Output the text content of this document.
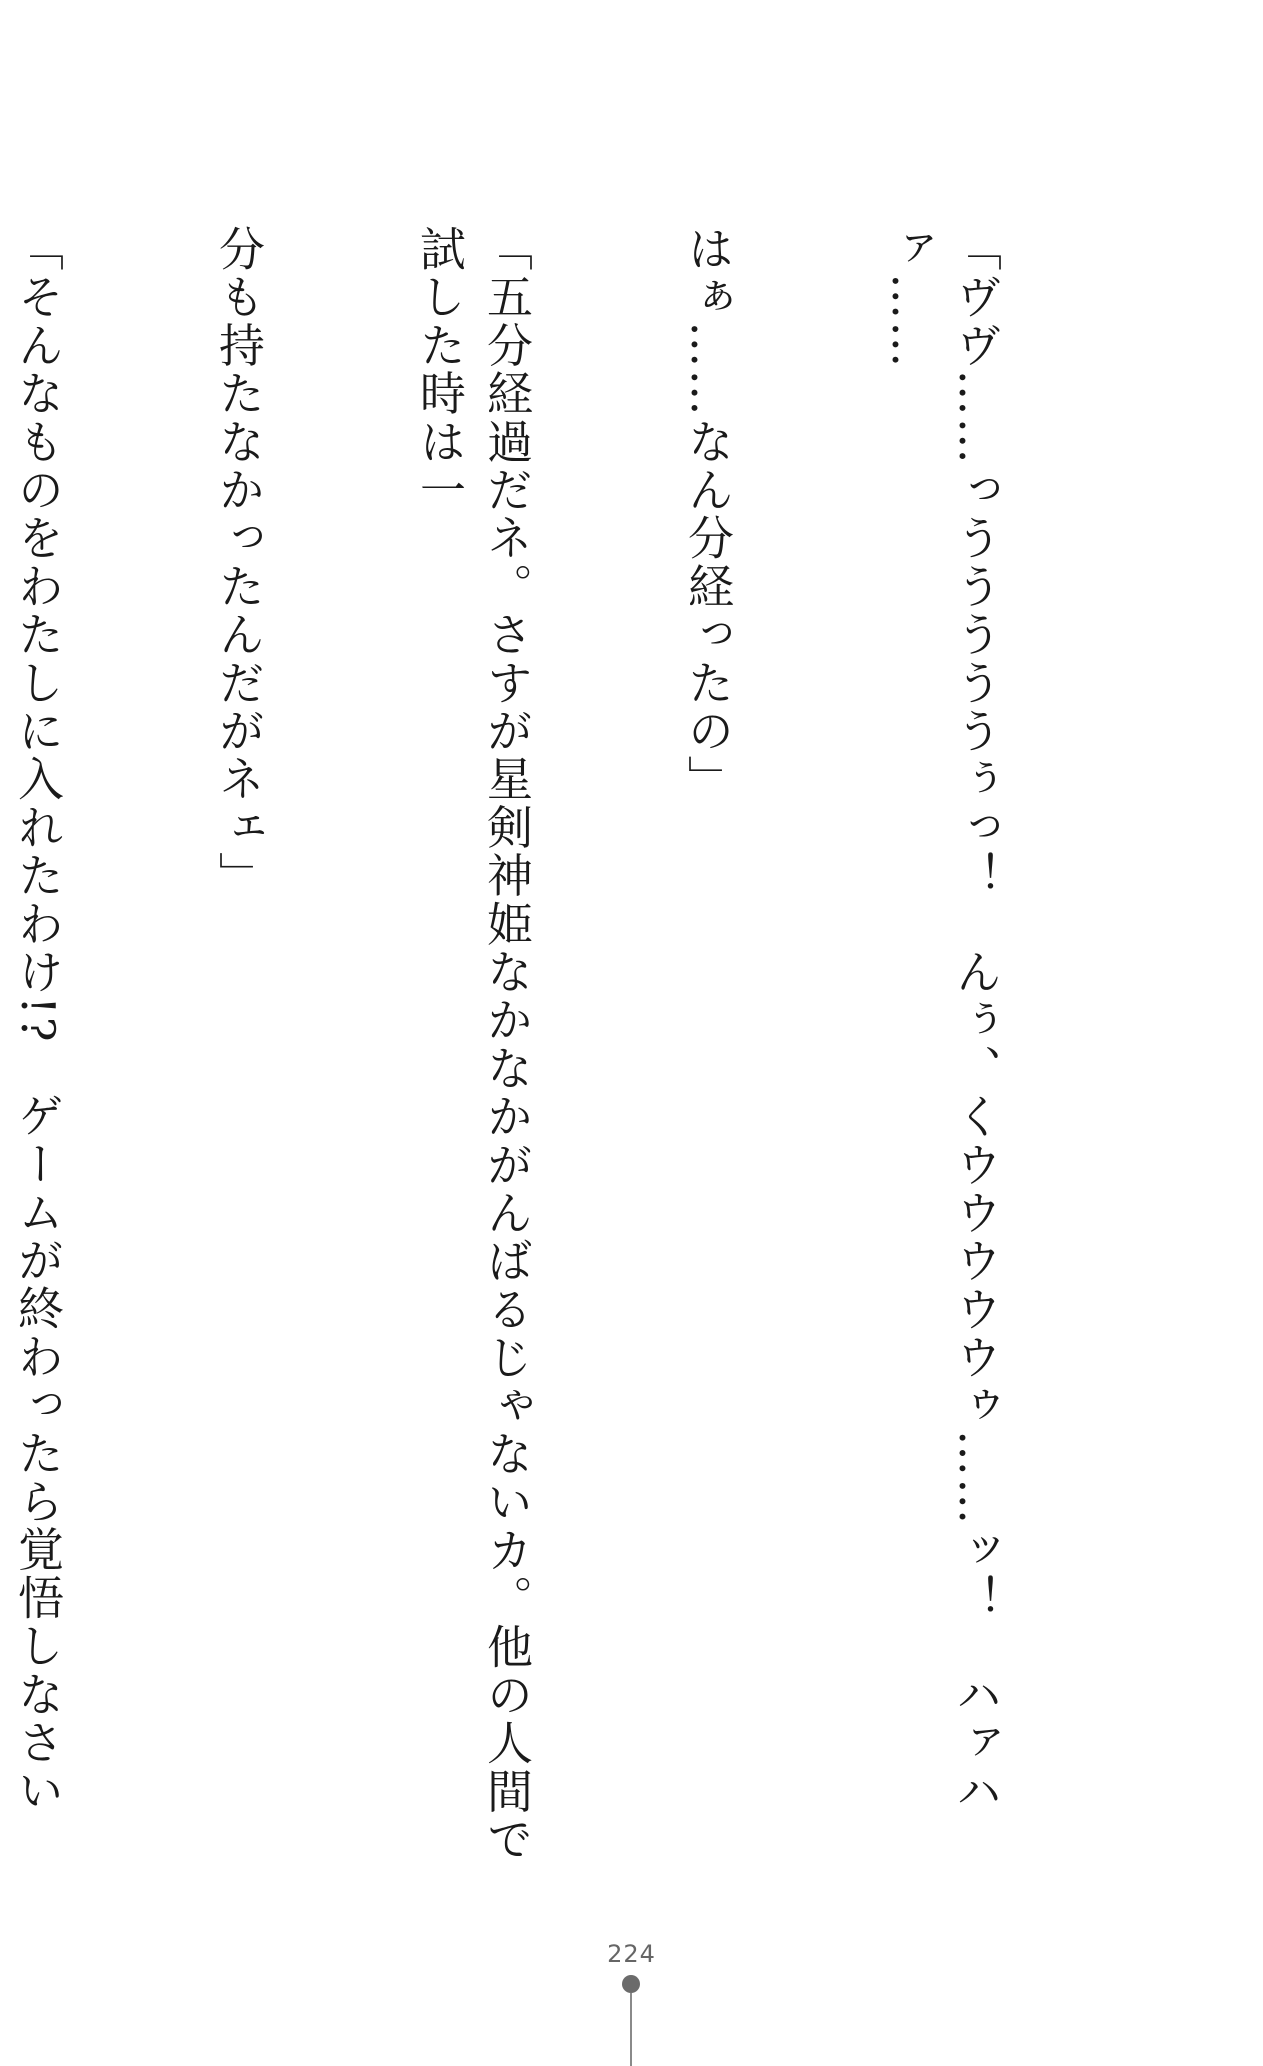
「ヴヴ……っうううううぅっ！　んぅ、くウウウウウゥ……ッ！　ハァハァ……

はぁ……なん分経ったの」

「五分経過だネ。さすが星剣神姫なかなかがんばるじゃないカ。他の人間で試した時は一

分も持たなかったんだがネェ」

「そんなものをわたしに入れたわけ!?　ゲームが終わったら覚悟しなさい

224
